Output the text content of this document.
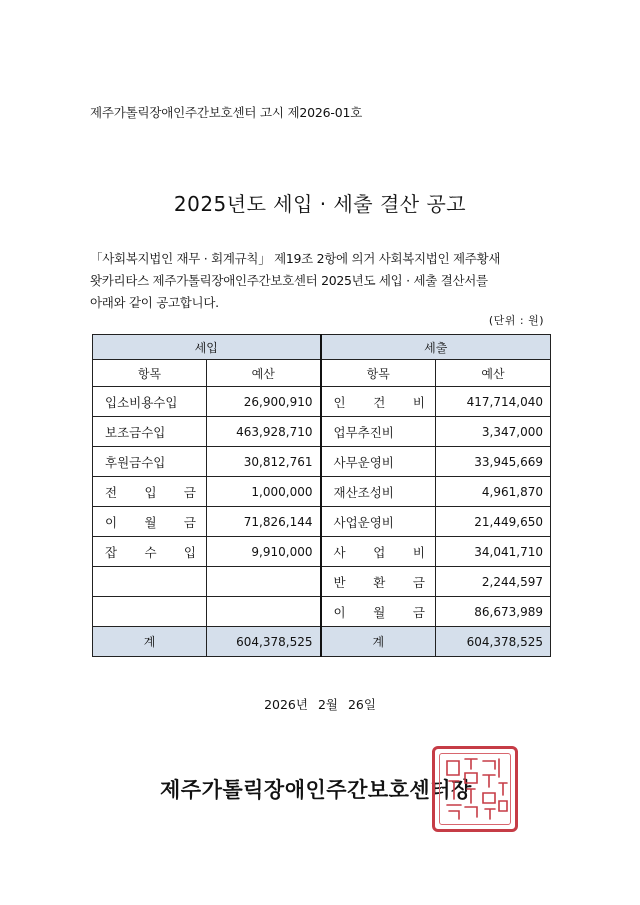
제주가톨릭장애인주간보호센터 고시 제2026-01호
2025년도 세입 · 세출 결산 공고
「사회복지법인 재무 · 회계규칙」 제19조 2항에 의거 사회복지법인 제주황새
왓카리타스 제주가톨릭장애인주간보호센터 2025년도 세입 · 세출 결산서를
아래와 같이 공고합니다.
(단위 : 원)
세입		세출	
항목	예산	항목	예산
입소비용수입	26,900,910	인 건 비	417,714,040
보조금수입	463,928,710	업무추진비	3,347,000
후원금수입	30,812,761	사무운영비	33,945,669
전 입 금	1,000,000	재산조성비	4,961,870
이 월 금	71,826,144	사업운영비	21,449,650
잡 수 입	9,910,000	사 업 비	34,041,710
		반 환 금	2,244,597
		이 월 금	86,673,989
계	604,378,525	계	604,378,525
2026년 2월 26일
제주가톨릭장애인주간보호센터장
